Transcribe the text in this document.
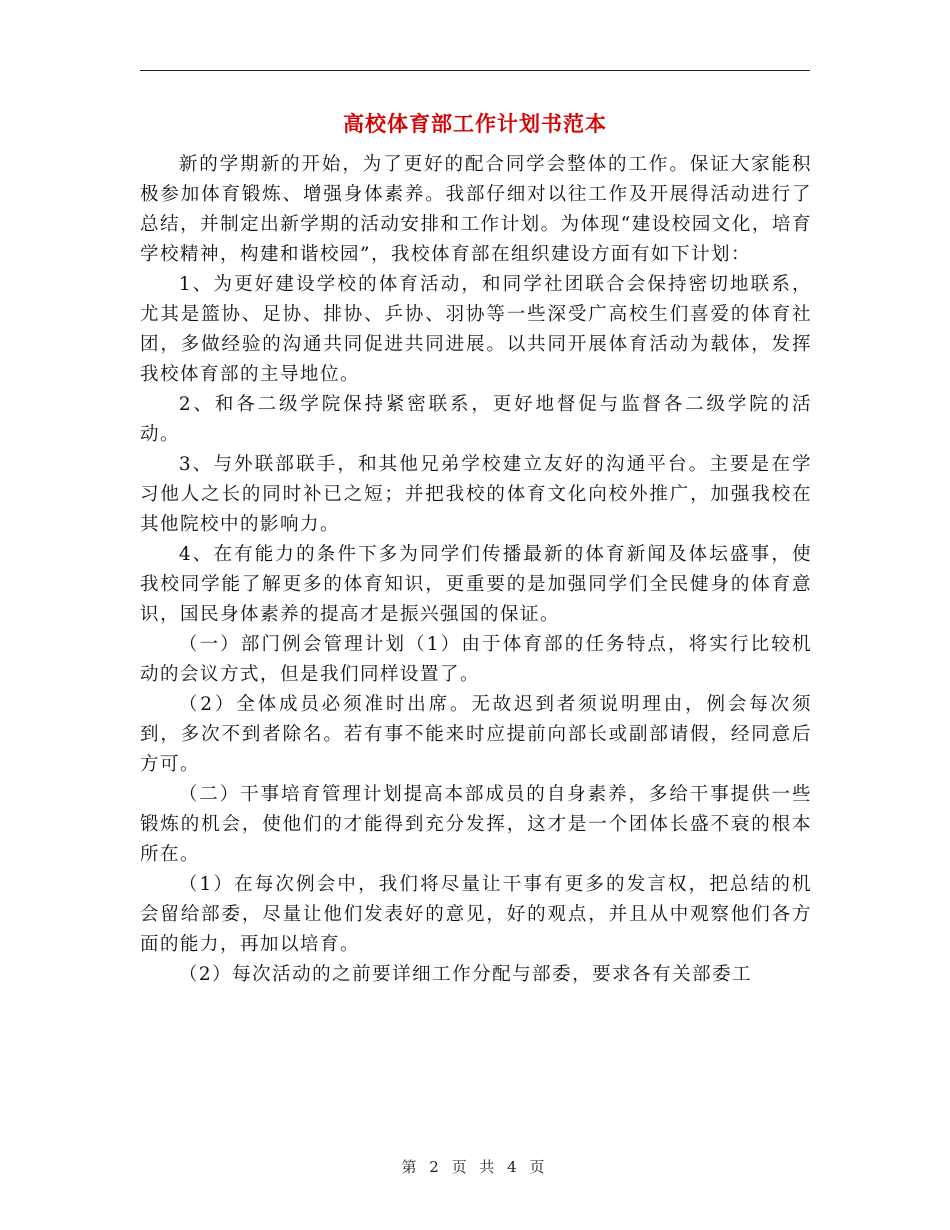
高校体育部工作计划书范本

新的学期新的开始，为了更好的配合同学会整体的工作。保证大家能积极参加体育锻炼、增强身体素养。我部仔细对以往工作及开展得活动进行了总结，并制定出新学期的活动安排和工作计划。为体现“建设校园文化，培育学校精神，构建和谐校园”，我校体育部在组织建设方面有如下计划：

1、为更好建设学校的体育活动，和同学社团联合会保持密切地联系，尤其是篮协、足协、排协、乒协、羽协等一些深受广高校生们喜爱的体育社团，多做经验的沟通共同促进共同进展。以共同开展体育活动为载体，发挥我校体育部的主导地位。

2、和各二级学院保持紧密联系，更好地督促与监督各二级学院的活动。

3、与外联部联手，和其他兄弟学校建立友好的沟通平台。主要是在学习他人之长的同时补已之短；并把我校的体育文化向校外推广，加强我校在其他院校中的影响力。

4、在有能力的条件下多为同学们传播最新的体育新闻及体坛盛事，使我校同学能了解更多的体育知识，更重要的是加强同学们全民健身的体育意识，国民身体素养的提高才是振兴强国的保证。

（一）部门例会管理计划（1）由于体育部的任务特点，将实行比较机动的会议方式，但是我们同样设置了。

（2）全体成员必须准时出席。无故迟到者须说明理由，例会每次须到，多次不到者除名。若有事不能来时应提前向部长或副部请假，经同意后方可。

（二）干事培育管理计划提高本部成员的自身素养，多给干事提供一些锻炼的机会，使他们的才能得到充分发挥，这才是一个团体长盛不衰的根本所在。

（1）在每次例会中，我们将尽量让干事有更多的发言权，把总结的机会留给部委，尽量让他们发表好的意见，好的观点，并且从中观察他们各方面的能力，再加以培育。

（2）每次活动的之前要详细工作分配与部委，要求各有关部委工

第 2 页 共 4 页
